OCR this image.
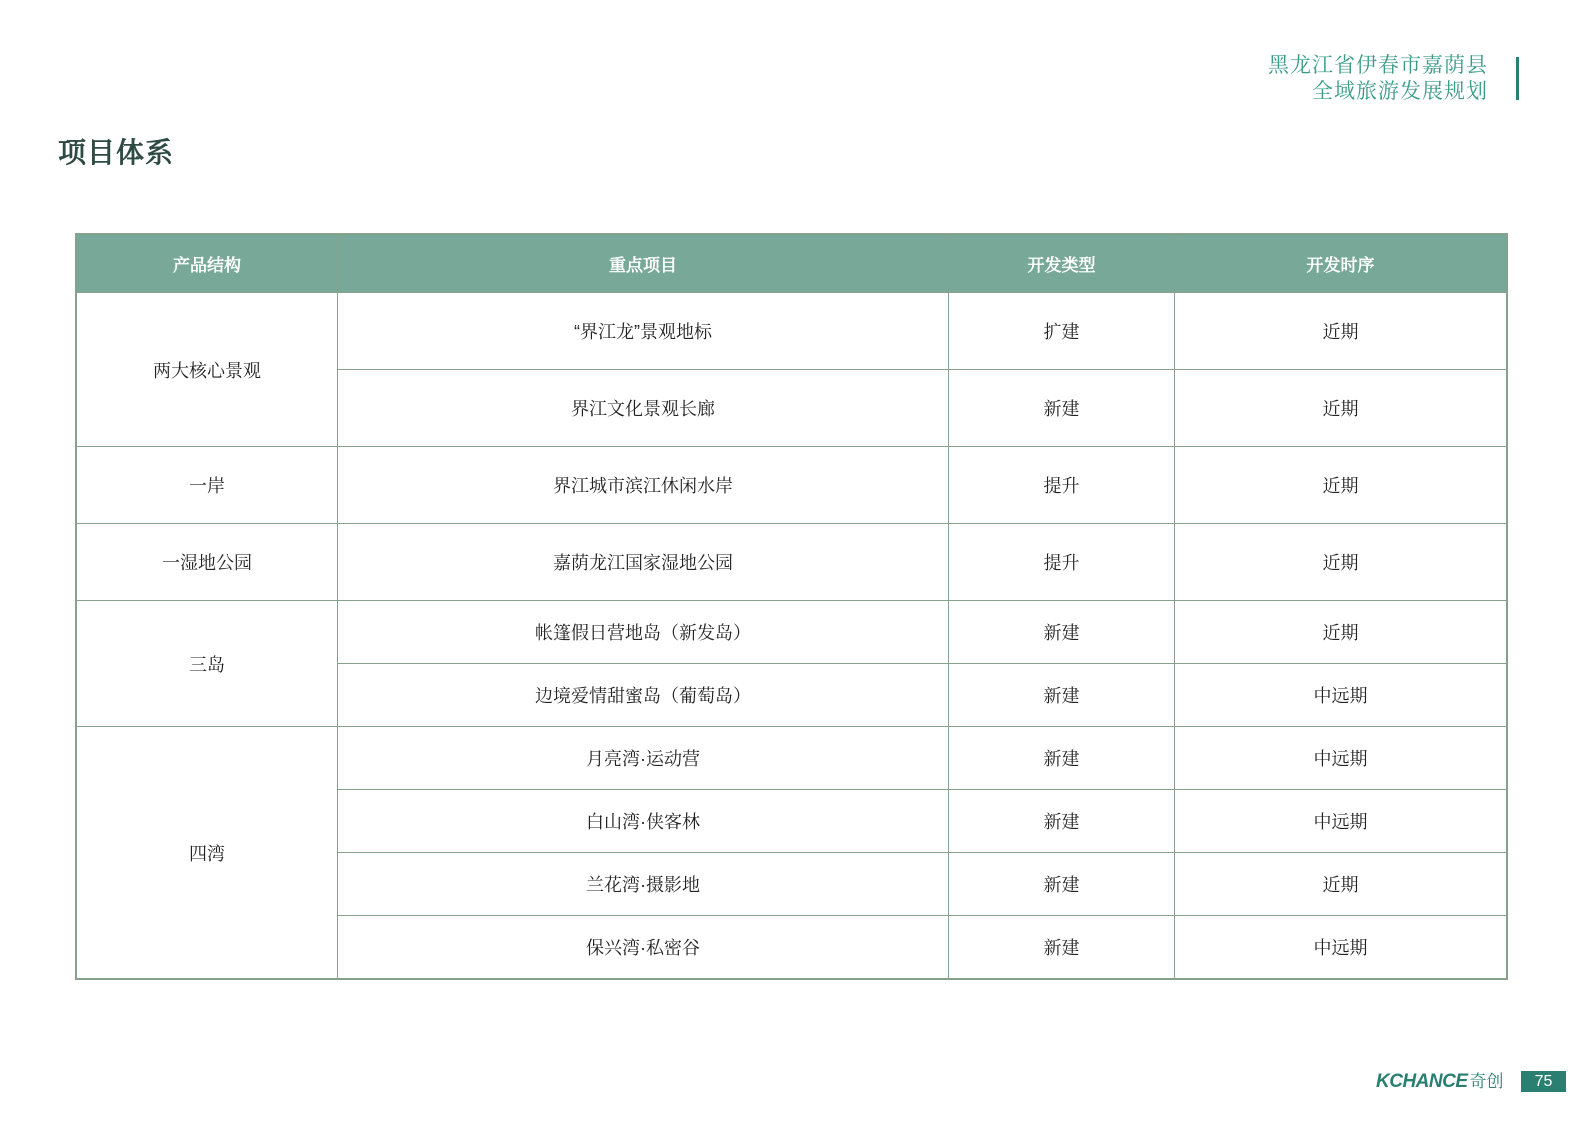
黑龙江省伊春市嘉荫县
全域旅游发展规划
项目体系
产品结构	重点项目	开发类型	开发时序
两大核心景观	“界江龙”景观地标	扩建	近期
	界江文化景观长廊	新建	近期
一岸	界江城市滨江休闲水岸	提升	近期
一湿地公园	嘉荫龙江国家湿地公园	提升	近期
三岛	帐篷假日营地岛（新发岛）	新建	近期
	边境爱情甜蜜岛（葡萄岛）	新建	中远期
四湾	月亮湾·运动营	新建	中远期
	白山湾·侠客林	新建	中远期
	兰花湾·摄影地	新建	近期
	保兴湾·私密谷	新建	中远期
KCHANCE 奇创	75
